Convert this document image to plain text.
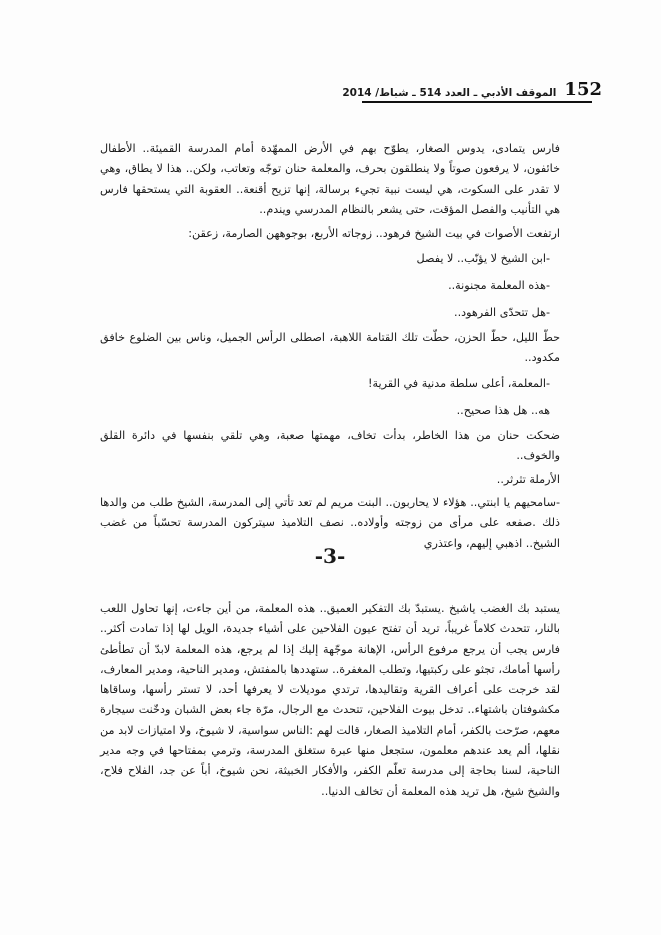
152
الموقف الأدبي ـ العدد 514 ـ شباط/ 2014

فارس يتمادى، يدوس الصغار، يطوّح بهم في الأرض الممهّدة أمام المدرسة القميئة.. الأطفال خائفون، لا يرفعون صوتاً ولا ينطلقون بحرف، والمعلمة حنان توجّه وتعاتب، ولكن.. هذا لا يطاق، وهي لا تقدر على السكوت، هي ليست نبية تجيء برسالة، إنها تزيح أقنعة.. العقوبة التي يستحقها فارس هي التأنيب والفصل المؤقت، حتى يشعر بالنظام المدرسي ويندم..

ارتفعت الأصوات في بيت الشيخ فرهود.. زوجاته الأربع، بوجوههن الصارمة، زعقن:

-ابن الشيخ لا يؤنّب.. لا يفصل

-هذه المعلمة مجنونة..

-هل تتحدّى الفرهود..

حطّ الليل، حطّ الحزن، حطّت تلك القتامة اللاهبة، اصطلى الرأس الجميل، وناس بين الضلوع خافق مكدود..

-المعلمة، أعلى سلطة مدنية في القرية!

هه.. هل هذا صحيح..

ضحكت حنان من هذا الخاطر، بدأت تخاف، مهمتها صعبة، وهي تلقي بنفسها في دائرة القلق والخوف..

الأرملة تثرثر..

-سامحيهم يا ابنتي.. هؤلاء لا يحاربون.. البنت مريم لم تعد تأتي إلى المدرسة، الشيخ طلب من والدها ذلك .صفعه على مرأى من زوجته وأولاده.. نصف التلاميذ سيتركون المدرسة تحسّباً من غضب الشيخ.. اذهبي إليهم، واعتذري

-3-

يستبد بك الغضب ياشيخ .يستبدّ بك التفكير العميق.. هذه المعلمة، من أين جاءت، إنها تحاول اللعب بالنار، تتحدث كلاماً غريباً، تريد أن تفتح عيون الفلاحين على أشياء جديدة، الويل لها إذا تمادت أكثر.. فارس يجب أن يرجع مرفوع الرأس، الإهانة موجّهة إليك إذا لم يرجع، هذه المعلمة لابدّ أن تطأطئ رأسها أمامك، تجثو على ركبتيها، وتطلب المغفرة.. ستهددها بالمفتش، ومدير الناحية، ومدير المعارف، لقد خرجت على أعراف القرية وتقاليدها، ترتدي موديلات لا يعرفها أحد، لا تستر رأسها، وساقاها مكشوفتان باشتهاء.. تدخل بيوت الفلاحين، تتحدث مع الرجال، مرّة جاء بعض الشبان ودخّنت سيجارة معهم، صرّحت بالكفر، أمام التلاميذ الصغار، قالت لهم :الناس سواسية، لا شيوخ، ولا امتيازات لابد من نقلها، ألم يعد عندهم معلمون، ستجعل منها عبرة ستغلق المدرسة، وترمي بمفتاحها في وجه مدير الناحية، لسنا بحاجة إلى مدرسة تعلّم الكفر، والأفكار الخبيثة، نحن شيوخ، أباً عن جد، الفلاح فلاح، والشيخ شيخ، هل تريد هذه المعلمة أن تخالف الدنيا..
